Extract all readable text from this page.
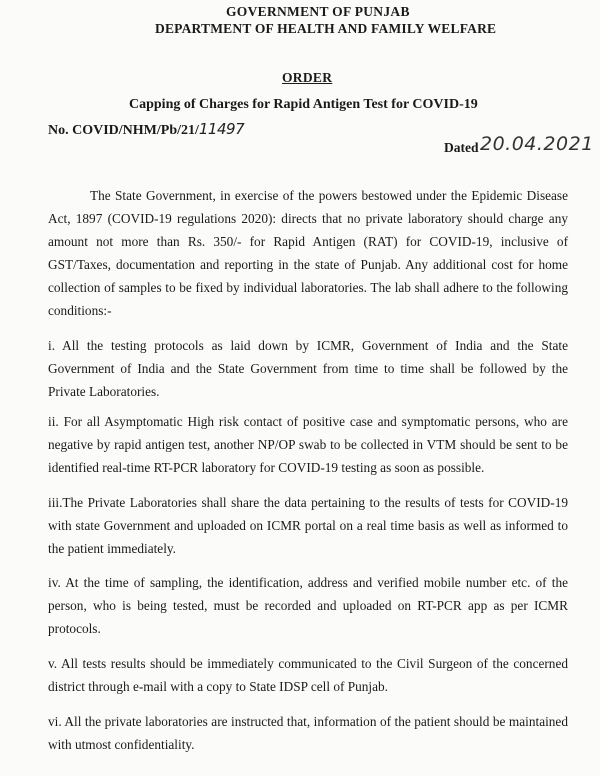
GOVERNMENT OF PUNJAB
DEPARTMENT OF HEALTH AND FAMILY WELFARE
ORDER
Capping of Charges for Rapid Antigen Test for COVID-19
No. COVID/NHM/Pb/21/11497
Dated 20.04.2021
The State Government, in exercise of the powers bestowed under the Epidemic Disease Act, 1897 (COVID-19 regulations 2020): directs that no private laboratory should charge any amount not more than Rs. 350/- for Rapid Antigen (RAT) for COVID-19, inclusive of GST/Taxes, documentation and reporting in the state of Punjab. Any additional cost for home collection of samples to be fixed by individual laboratories. The lab shall adhere to the following conditions:-
i. All the testing protocols as laid down by ICMR, Government of India and the State Government of India and the State Government from time to time shall be followed by the Private Laboratories.
ii. For all Asymptomatic High risk contact of positive case and symptomatic persons, who are negative by rapid antigen test, another NP/OP swab to be collected in VTM should be sent to be identified real-time RT-PCR laboratory for COVID-19 testing as soon as possible.
iii.The Private Laboratories shall share the data pertaining to the results of tests for COVID-19 with state Government and uploaded on ICMR portal on a real time basis as well as informed to the patient immediately.
iv. At the time of sampling, the identification, address and verified mobile number etc. of the person, who is being tested, must be recorded and uploaded on RT-PCR app as per ICMR protocols.
v. All tests results should be immediately communicated to the Civil Surgeon of the concerned district through e-mail with a copy to State IDSP cell of Punjab.
vi. All the private laboratories are instructed that, information of the patient should be maintained with utmost confidentiality.
